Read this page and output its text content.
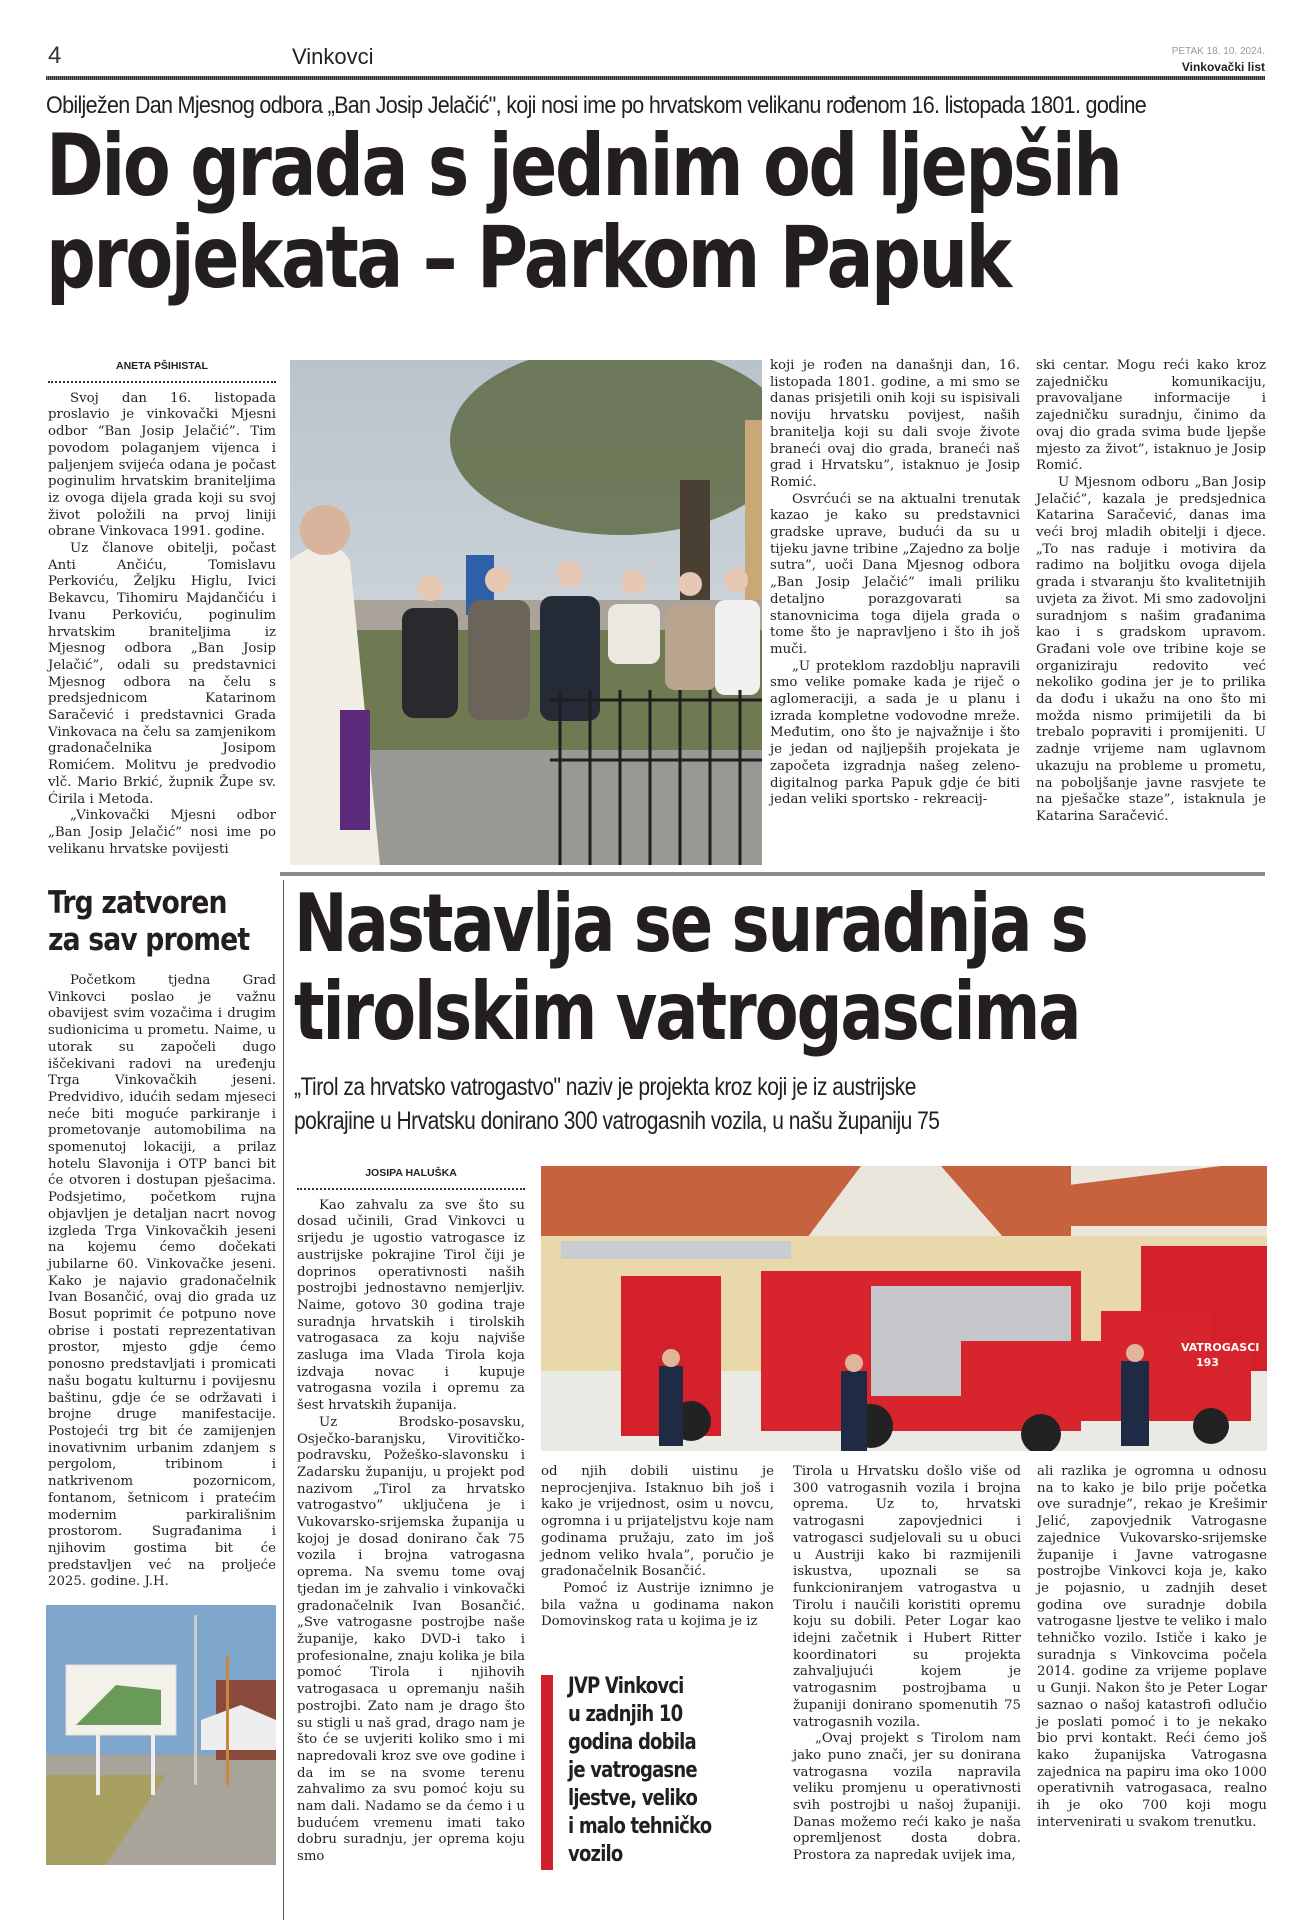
4	Vinkovci	PETAK 18. 10. 2024.
Vinkovački list
Obilježen Dan Mjesnog odbora „Ban Josip Jelačić", koji nosi ime po hrvatskom velikanu rođenom 16. listopada 1801. godine
Dio grada s jednim od ljepših
projekata – Parkom Papuk
ANETA PŠIHISTAL

Svoj dan 16. listopada proslavio je vinkovački Mjesni odbor “Ban Josip Jelačić”. Tim povodom polaganjem vijenca i paljenjem svijeća odana je počast poginulim hrvatskim braniteljima iz ovoga dijela grada koji su svoj život položili na prvoj liniji obrane Vinkovaca 1991. godine.

Uz članove obitelji, počast Anti Ančiću, Tomislavu Perkoviću, Željku Higlu, Ivici Bekavcu, Tihomiru Majdančiću i Ivanu Perkoviću, poginulim hrvatskim braniteljima iz Mjesnog odbora „Ban Josip Jelačić”, odali su predstavnici Mjesnog odbora na čelu s predsjednicom Katarinom Saračević i predstavnici Grada Vinkovaca na čelu sa zamjenikom gradonačelnika Josipom Romićem. Molitvu je predvodio vlč. Mario Brkić, župnik Župe sv. Ćirila i Metoda.

„Vinkovački Mjesni odbor „Ban Josip Jelačić” nosi ime po velikanu hrvatske povijesti

koji je rođen na današnji dan, 16. listopada 1801. godine, a mi smo se danas prisjetili onih koji su ispisivali noviju hrvatsku povijest, naših branitelja koji su dali svoje živote braneći ovaj dio grada, braneći naš grad i Hrvatsku”, istaknuo je Josip Romić.

Osvrćući se na aktualni trenutak kazao je kako su predstavnici gradske uprave, budući da su u tijeku javne tribine „Zajedno za bolje sutra”, uoči Dana Mjesnog odbora „Ban Josip Jelačić” imali priliku detaljno porazgovarati sa stanovnicima toga dijela grada o tome što je napravljeno i što ih još muči.

„U proteklom razdoblju napravili smo velike pomake kada je riječ o aglomeraciji, a sada je u planu i izrada kompletne vodovodne mreže. Međutim, ono što je najvažnije i što je jedan od najljepših projekata je započeta izgradnja našeg zeleno-digitalnog parka Papuk gdje će biti jedan veliki sportsko - rekreacij-

ski centar. Mogu reći kako kroz zajedničku komunikaciju, pravovaljane informacije i zajedničku suradnju, činimo da ovaj dio grada svima bude ljepše mjesto za život”, istaknuo je Josip Romić.

U Mjesnom odboru „Ban Josip Jelačić”, kazala je predsjednica Katarina Saračević, danas ima veći broj mladih obitelji i djece. „To nas raduje i motivira da radimo na boljitku ovoga dijela grada i stvaranju što kvalitetnijih uvjeta za život. Mi smo zadovoljni suradnjom s našim građanima kao i s gradskom upravom. Građani vole ove tribine koje se organiziraju redovito već nekoliko godina jer je to prilika da dođu i ukažu na ono što mi možda nismo primijetili da bi trebalo popraviti i promijeniti. U zadnje vrijeme nam uglavnom ukazuju na probleme u prometu, na poboljšanje javne rasvjete te na pješačke staze”, istaknula je Katarina Saračević.

Trg zatvoren
za sav promet

Početkom tjedna Grad Vinkovci poslao je važnu obavijest svim vozačima i drugim sudionicima u prometu. Naime, u utorak su započeli dugo iščekivani radovi na uređenju Trga Vinkovačkih jeseni. Predvidivo, idućih sedam mjeseci neće biti moguće parkiranje i prometovanje automobilima na spomenutoj lokaciji, a prilaz hotelu Slavonija i OTP banci bit će otvoren i dostupan pješacima. Podsjetimo, početkom rujna objavljen je detaljan nacrt novog izgleda Trga Vinkovačkih jeseni na kojemu ćemo dočekati jubilarne 60. Vinkovačke jeseni. Kako je najavio gradonačelnik Ivan Bosančić, ovaj dio grada uz Bosut poprimit će potpuno nove obrise i postati reprezentativan prostor, mjesto gdje ćemo ponosno predstavljati i promicati našu bogatu kulturnu i povijesnu baštinu, gdje će se održavati i brojne druge manifestacije. Postojeći trg bit će zamijenjen inovativnim urbanim zdanjem s pergolom, tribinom i natkrivenom pozornicom, fontanom, šetnicom i pratećim modernim parkirališnim prostorom. Sugrađanima i njihovim gostima bit će predstavljen već na proljeće 2025. godine. J.H.

Nastavlja se suradnja s
tirolskim vatrogascima
„Tirol za hrvatsko vatrogastvo" naziv je projekta kroz koji je iz austrijske
pokrajine u Hrvatsku donirano 300 vatrogasnih vozila, u našu županiju 75
JOSIPA HALUŠKA

Kao zahvalu za sve što su dosad učinili, Grad Vinkovci u srijedu je ugostio vatrogasce iz austrijske pokrajine Tirol čiji je doprinos operativnosti naših postrojbi jednostavno nemjerljiv. Naime, gotovo 30 godina traje suradnja hrvatskih i tirolskih vatrogasaca za koju najviše zasluga ima Vlada Tirola koja izdvaja novac i kupuje vatrogasna vozila i opremu za šest hrvatskih županija.

Uz Brodsko-posavsku, Osječko-baranjsku, Virovitičko-podravsku, Požeško-slavonsku i Zadarsku županiju, u projekt pod nazivom „Tirol za hrvatsko vatrogastvo” uključena je i Vukovarsko-srijemska županija u kojoj je dosad donirano čak 75 vozila i brojna vatrogasna oprema. Na svemu tome ovaj tjedan im je zahvalio i vinkovački gradonačelnik Ivan Bosančić. „Sve vatrogasne postrojbe naše županije, kako DVD-i tako i profesionalne, znaju kolika je bila pomoć Tirola i njihovih vatrogasaca u opremanju naših postrojbi. Zato nam je drago što su stigli u naš grad, drago nam je što će se uvjeriti koliko smo i mi napredovali kroz sve ove godine i da im se na svome terenu zahvalimo za svu pomoć koju su nam dali. Nadamo se da ćemo i u budućem vremenu imati tako dobru suradnju, jer oprema koju smo

VATROGASCI
193

od njih dobili uistinu je neprocjenjiva. Istaknuo bih još i kako je vrijednost, osim u novcu, ogromna i u prijateljstvu koje nam godinama pružaju, zato im još jednom veliko hvala”, poručio je gradonačelnik Bosančić.

Pomoć iz Austrije iznimno je bila važna u godinama nakon Domovinskog rata u kojima je iz

JVP Vinkovci
u zadnjih 10
godina dobila
je vatrogasne
ljestve, veliko
i malo tehničko
vozilo

Tirola u Hrvatsku došlo više od 300 vatrogasnih vozila i brojna oprema. Uz to, hrvatski vatrogasni zapovjednici i vatrogasci sudjelovali su u obuci u Austriji kako bi razmijenili iskustva, upoznali se sa funkcioniranjem vatrogastva u Tirolu i naučili koristiti opremu koju su dobili. Peter Logar kao idejni začetnik i Hubert Ritter koordinatori su projekta zahvaljujući kojem je vatrogasnim postrojbama u županiji donirano spomenutih 75 vatrogasnih vozila.

„Ovaj projekt s Tirolom nam jako puno znači, jer su donirana vatrogasna vozila napravila veliku promjenu u operativnosti svih postrojbi u našoj županiji. Danas možemo reći kako je naša opremljenost dosta dobra. Prostora za napredak uvijek ima,

ali razlika je ogromna u odnosu na to kako je bilo prije početka ove suradnje”, rekao je Krešimir Jelić, zapovjednik Vatrogasne zajednice Vukovarsko-srijemske županije i Javne vatrogasne postrojbe Vinkovci koja je, kako je pojasnio, u zadnjih deset godina ove suradnje dobila vatrogasne ljestve te veliko i malo tehničko vozilo. Ističe i kako je suradnja s Vinkovcima počela 2014. godine za vrijeme poplave u Gunji. Nakon što je Peter Logar saznao o našoj katastrofi odlučio je poslati pomoć i to je nekako bio prvi kontakt. Reći ćemo još kako županijska Vatrogasna zajednica na papiru ima oko 1000 operativnih vatrogasaca, realno ih je oko 700 koji mogu intervenirati u svakom trenutku.
